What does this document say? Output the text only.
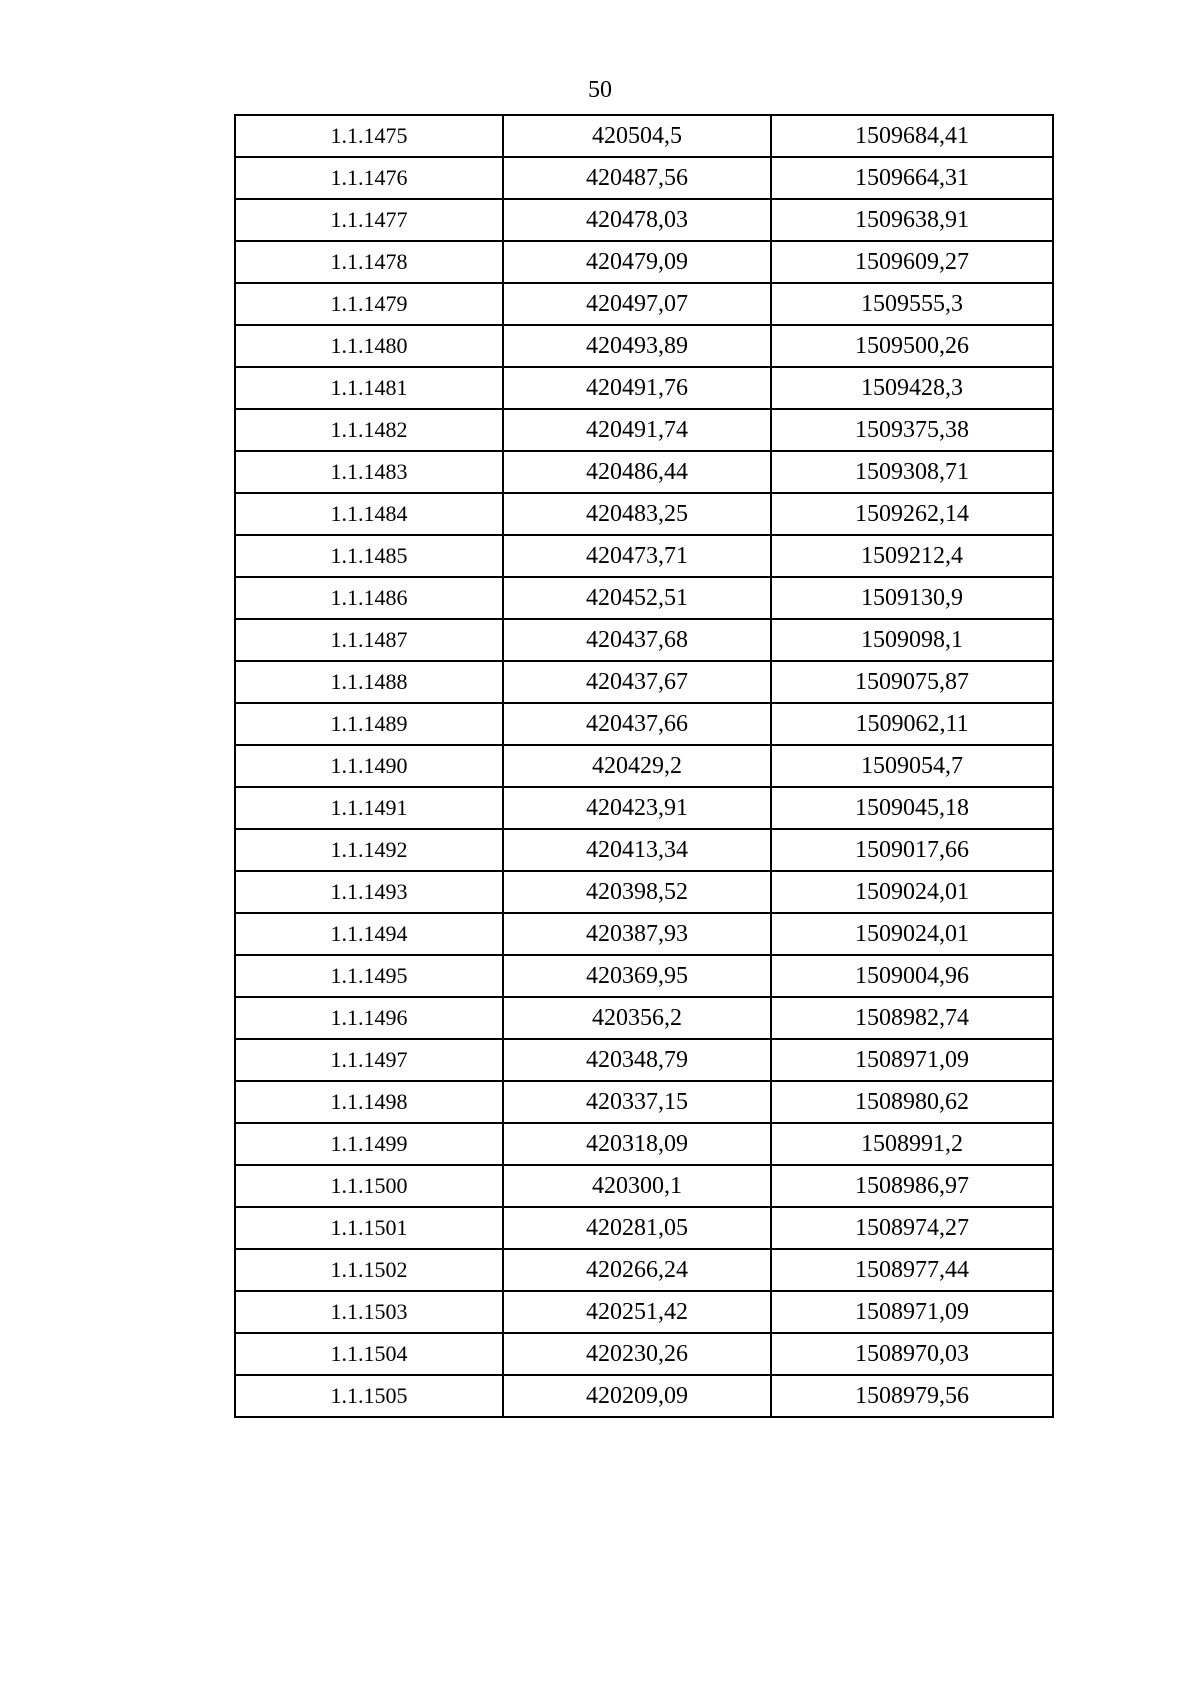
50
1.1.1475	420504,5	1509684,41
1.1.1476	420487,56	1509664,31
1.1.1477	420478,03	1509638,91
1.1.1478	420479,09	1509609,27
1.1.1479	420497,07	1509555,3
1.1.1480	420493,89	1509500,26
1.1.1481	420491,76	1509428,3
1.1.1482	420491,74	1509375,38
1.1.1483	420486,44	1509308,71
1.1.1484	420483,25	1509262,14
1.1.1485	420473,71	1509212,4
1.1.1486	420452,51	1509130,9
1.1.1487	420437,68	1509098,1
1.1.1488	420437,67	1509075,87
1.1.1489	420437,66	1509062,11
1.1.1490	420429,2	1509054,7
1.1.1491	420423,91	1509045,18
1.1.1492	420413,34	1509017,66
1.1.1493	420398,52	1509024,01
1.1.1494	420387,93	1509024,01
1.1.1495	420369,95	1509004,96
1.1.1496	420356,2	1508982,74
1.1.1497	420348,79	1508971,09
1.1.1498	420337,15	1508980,62
1.1.1499	420318,09	1508991,2
1.1.1500	420300,1	1508986,97
1.1.1501	420281,05	1508974,27
1.1.1502	420266,24	1508977,44
1.1.1503	420251,42	1508971,09
1.1.1504	420230,26	1508970,03
1.1.1505	420209,09	1508979,56
